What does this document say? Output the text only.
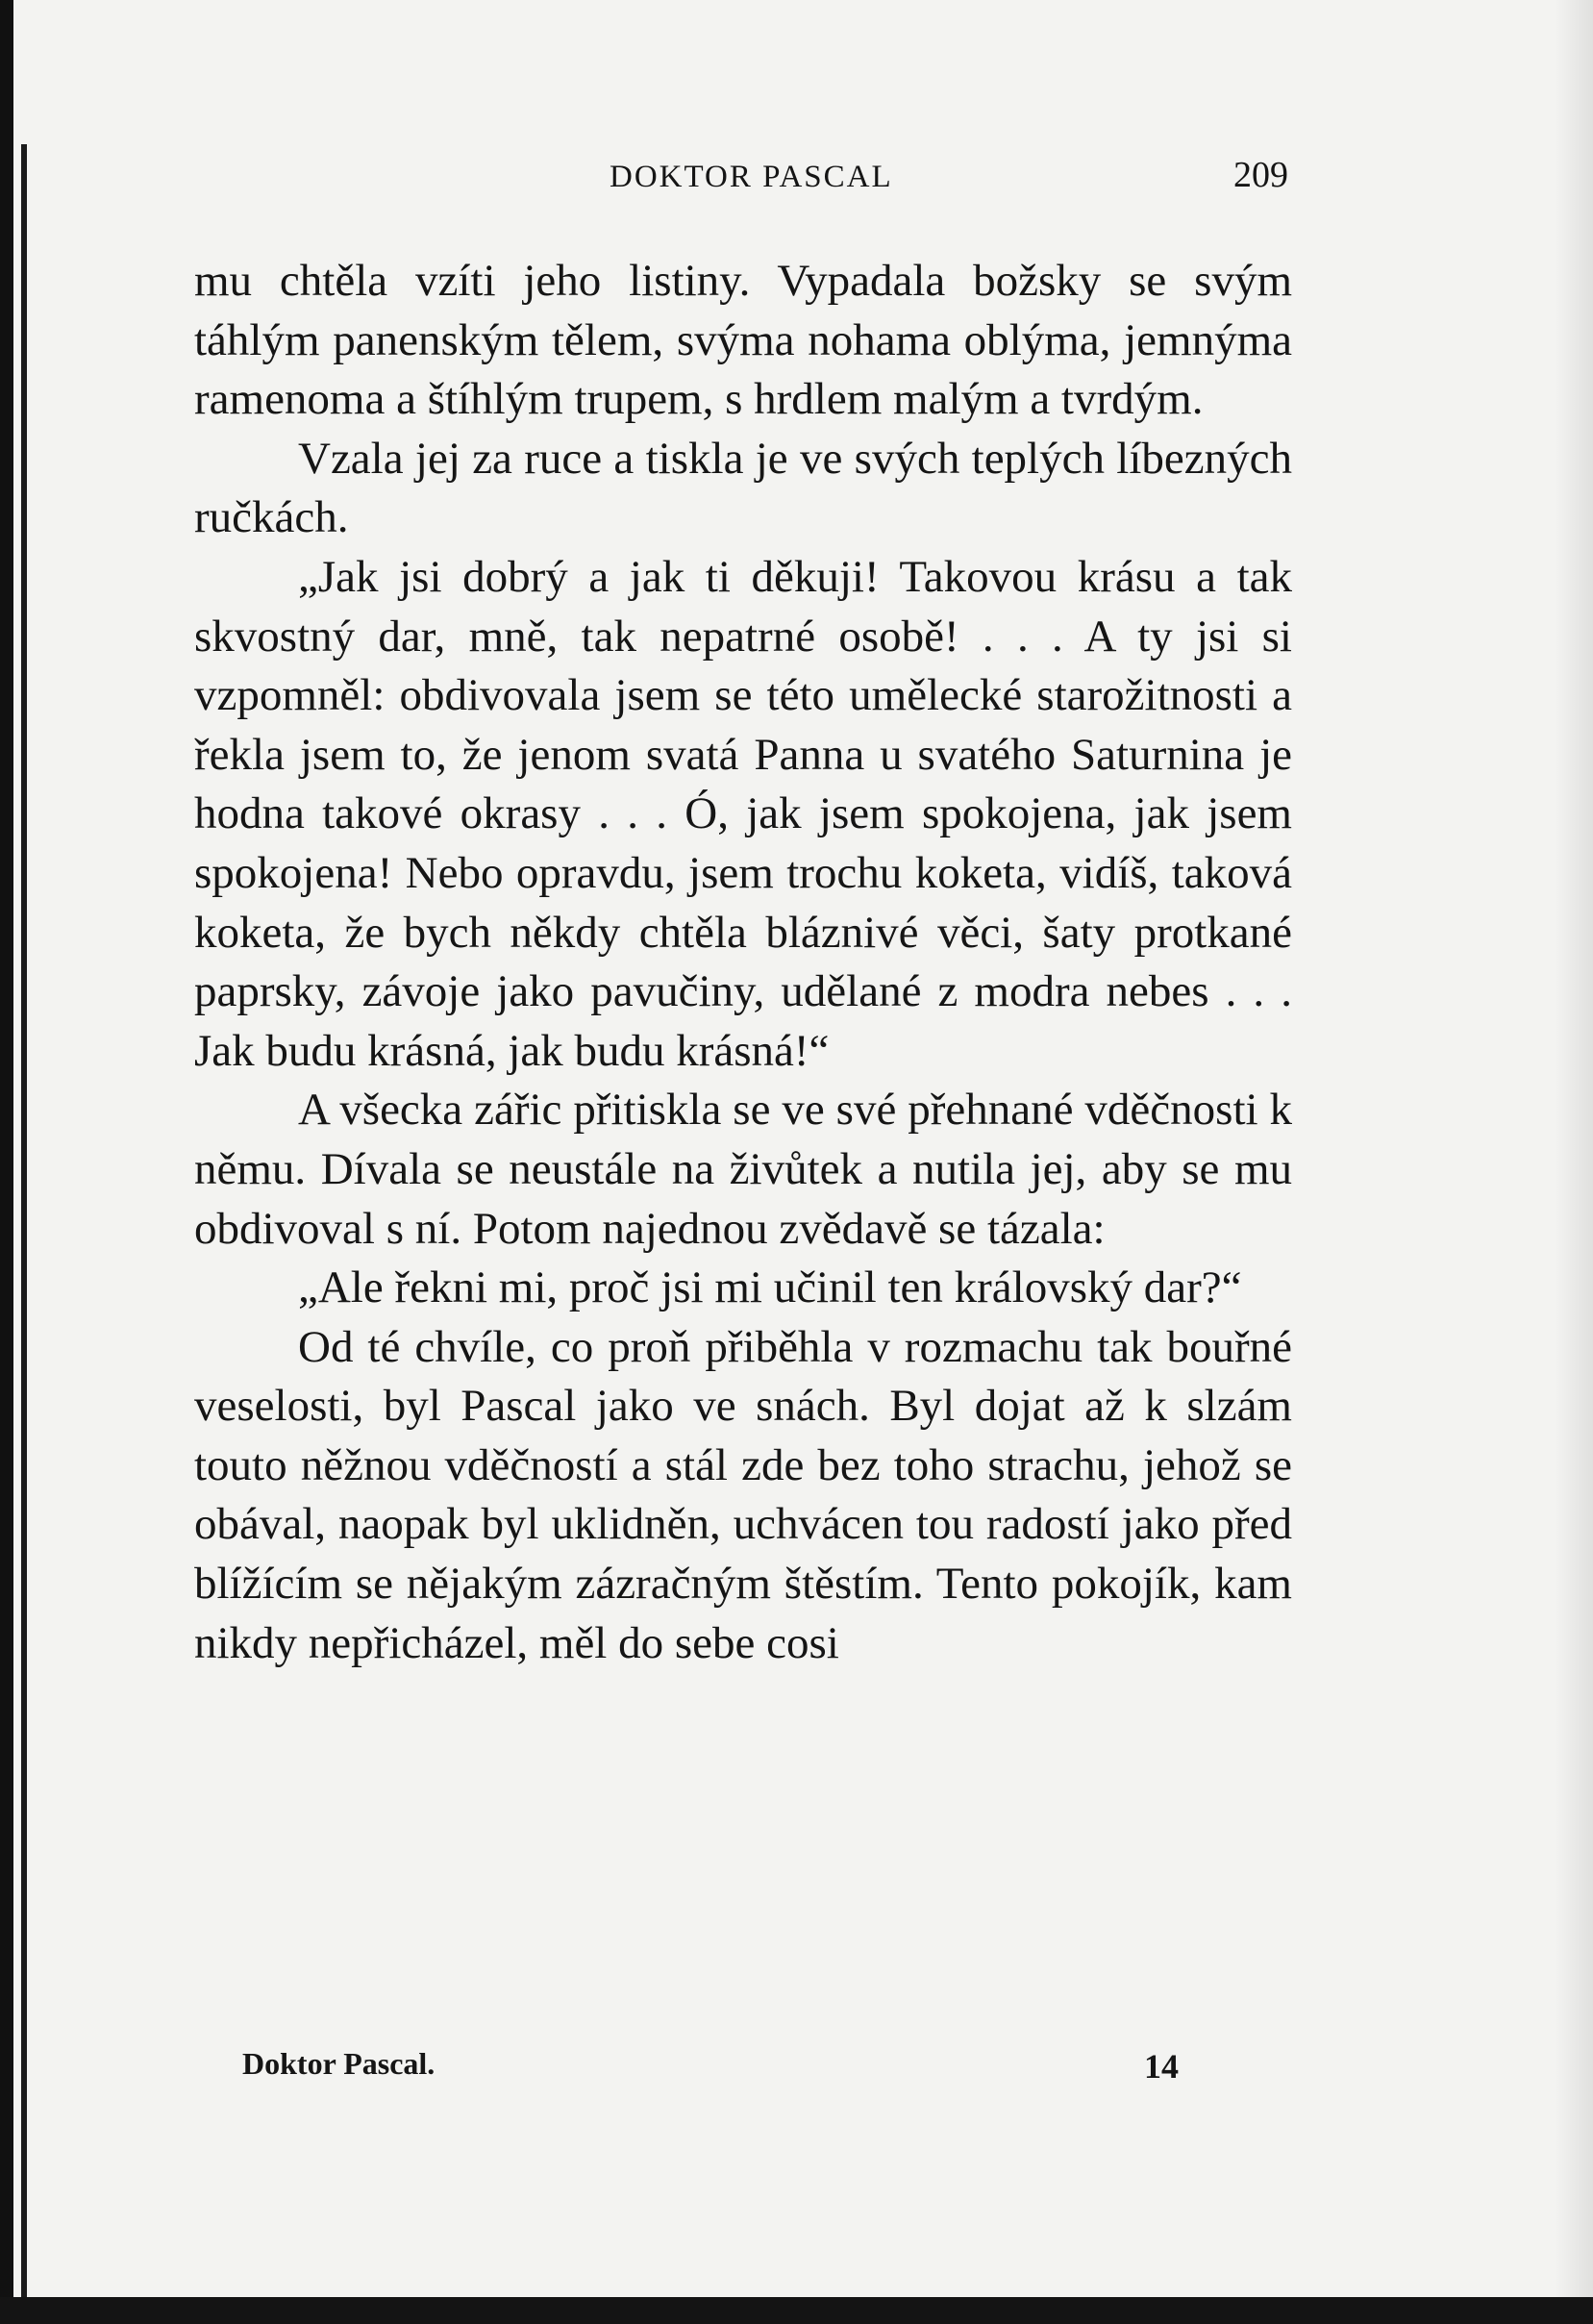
DOKTOR PASCAL	209

mu chtěla vzíti jeho listiny. Vypadala božsky se svým táhlým panenským tělem, svýma nohama oblýma, jemnýma ramenoma a štíhlým trupem, s hrdlem malým a tvrdým.

Vzala jej za ruce a tiskla je ve svých teplých líbezných ručkách.

„Jak jsi dobrý a jak ti děkuji! Takovou krásu a tak skvostný dar, mně, tak nepatrné osobě! . . . A ty jsi si vzpomněl: obdivovala jsem se této umělecké starožitnosti a řekla jsem to, že jenom svatá Panna u svatého Saturnina je hodna takové okrasy . . . Ó, jak jsem spokojena, jak jsem spokojena! Nebo opravdu, jsem trochu koketa, vidíš, taková koketa, že bych někdy chtěla bláznivé věci, šaty protkané paprsky, závoje jako pavučiny, udělané z modra nebes . . . Jak budu krásná, jak budu krásná!“

A všecka zářic přitiskla se ve své přehnané vděčnosti k němu. Dívala se neustále na živůtek a nutila jej, aby se mu obdivoval s ní. Potom najednou zvědavě se tázala:

„Ale řekni mi, proč jsi mi učinil ten královský dar?“

Od té chvíle, co proň přiběhla v rozmachu tak bouřné veselosti, byl Pascal jako ve snách. Byl dojat až k slzám touto něžnou vděčností a stál zde bez toho strachu, jehož se obával, naopak byl uklidněn, uchvácen tou radostí jako před blížícím se nějakým zázračným štěstím. Tento pokojík, kam nikdy nepřicházel, měl do sebe cosi

Doktor Pascal.	14
